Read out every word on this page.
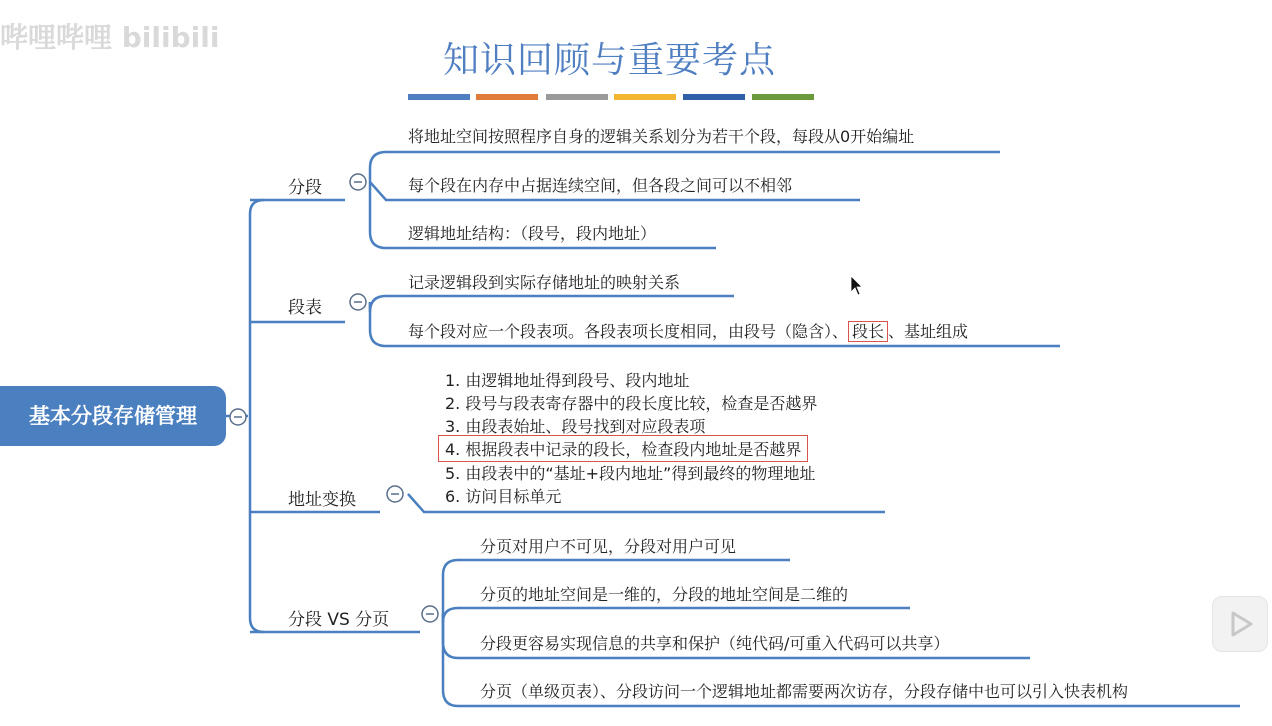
哔哩哔哩 bilibili
知识回顾与重要考点
基本分段存储管理
分段
段表
地址变换
分段 VS 分页
将地址空间按照程序自身的逻辑关系划分为若干个段，每段从0开始编址
每个段在内存中占据连续空间，但各段之间可以不相邻
逻辑地址结构：（段号，段内地址）
记录逻辑段到实际存储地址的映射关系
每个段对应一个段表项。各段表项长度相同，由段号（隐含）、 段长 、基址组成
1. 由逻辑地址得到段号、段内地址
2. 段号与段表寄存器中的段长度比较，检查是否越界
3. 由段表始址、段号找到对应段表项
4. 根据段表中记录的段长，检查段内地址是否越界
5. 由段表中的“基址+段内地址”得到最终的物理地址
6. 访问目标单元
分页对用户不可见，分段对用户可见
分页的地址空间是一维的，分段的地址空间是二维的
分段更容易实现信息的共享和保护（纯代码/可重入代码可以共享）
分页（单级页表）、分段访问一个逻辑地址都需要两次访存，分段存储中也可以引入快表机构
